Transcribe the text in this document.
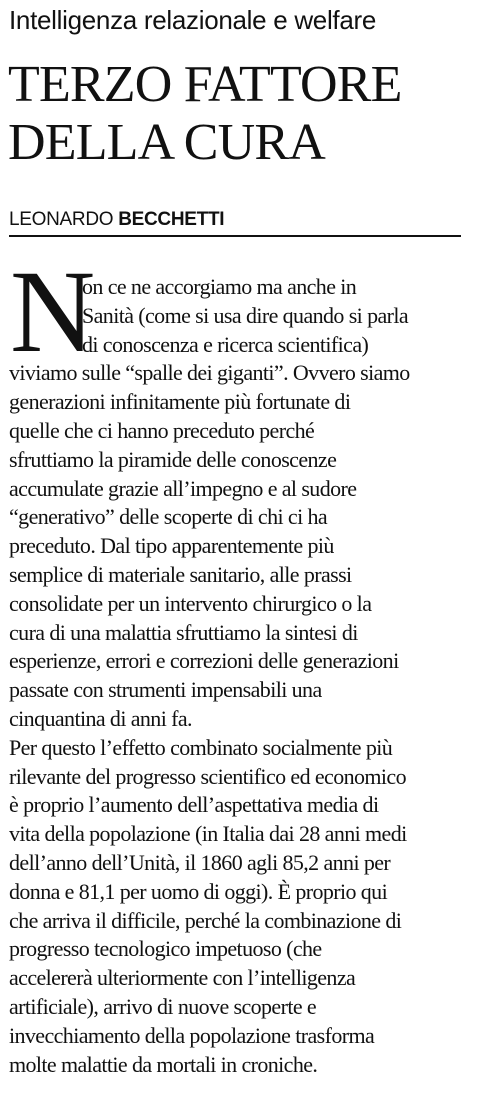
Intelligenza relazionale e welfare
TERZO FATTORE
DELLA CURA
LEONARDO BECCHETTI
N
on ce ne accorgiamo ma anche in
Sanità (come si usa dire quando si parla
di conoscenza e ricerca scientifica)
viviamo sulle “spalle dei giganti”. Ovvero siamo
generazioni infinitamente più fortunate di
quelle che ci hanno preceduto perché
sfruttiamo la piramide delle conoscenze
accumulate grazie all’impegno e al sudore
“generativo” delle scoperte di chi ci ha
preceduto. Dal tipo apparentemente più
semplice di materiale sanitario, alle prassi
consolidate per un intervento chirurgico o la
cura di una malattia sfruttiamo la sintesi di
esperienze, errori e correzioni delle generazioni
passate con strumenti impensabili una
cinquantina di anni fa.
Per questo l’effetto combinato socialmente più
rilevante del progresso scientifico ed economico
è proprio l’aumento dell’aspettativa media di
vita della popolazione (in Italia dai 28 anni medi
dell’anno dell’Unità, il 1860 agli 85,2 anni per
donna e 81,1 per uomo di oggi). È proprio qui
che arriva il difficile, perché la combinazione di
progresso tecnologico impetuoso (che
accelererà ulteriormente con l’intelligenza
artificiale), arrivo di nuove scoperte e
invecchiamento della popolazione trasforma
molte malattie da mortali in croniche.
